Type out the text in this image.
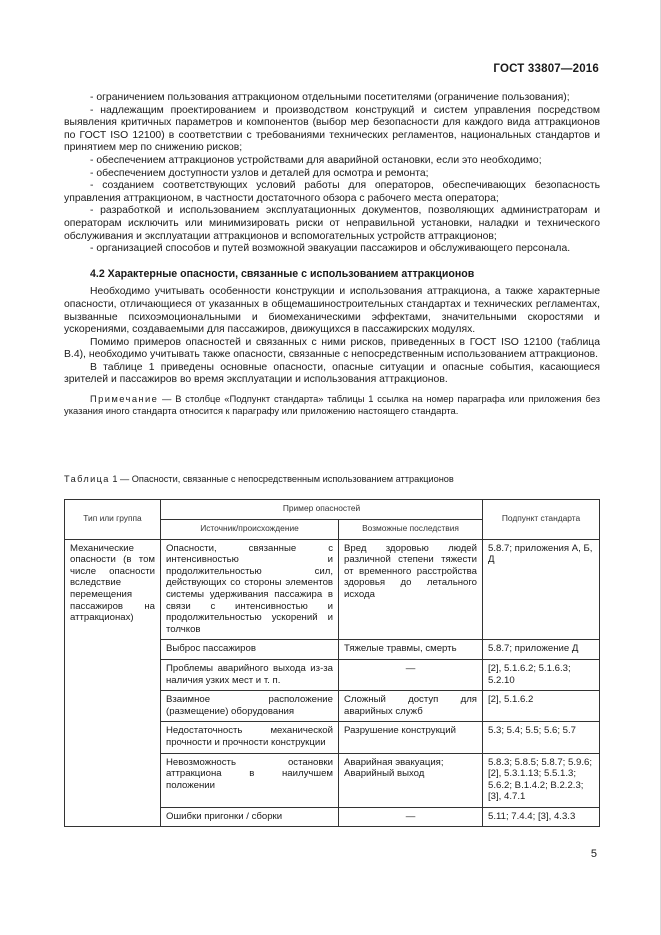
ГОСТ 33807—2016

- ограничением пользования аттракционом отдельными посетителями (ограничение пользования);

- надлежащим проектированием и производством конструкций и систем управления посредством выявления критичных параметров и компонентов (выбор мер безопасности для каждого вида аттракционов по ГОСТ ISO 12100) в соответствии с требованиями технических регламентов, национальных стандартов и принятием мер по снижению рисков;

- обеспечением аттракционов устройствами для аварийной остановки, если это необходимо;

- обеспечением доступности узлов и деталей для осмотра и ремонта;

- созданием соответствующих условий работы для операторов, обеспечивающих безопасность управления аттракционом, в частности достаточного обзора с рабочего места оператора;

- разработкой и использованием эксплуатационных документов, позволяющих администраторам и операторам исключить или минимизировать риски от неправильной установки, наладки и технического обслуживания и эксплуатации аттракционов и вспомогательных устройств аттракционов;

- организацией способов и путей возможной эвакуации пассажиров и обслуживающего персонала.

4.2 Характерные опасности, связанные с использованием аттракционов

Необходимо учитывать особенности конструкции и использования аттракциона, а также характерные опасности, отличающиеся от указанных в общемашиностроительных стандартах и технических регламентах, вызванные психоэмоциональными и биомеханическими эффектами, значительными скоростями и ускорениями, создаваемыми для пассажиров, движущихся в пассажирских модулях.

Помимо примеров опасностей и связанных с ними рисков, приведенных в ГОСТ ISO 12100 (таблица В.4), необходимо учитывать также опасности, связанные с непосредственным использованием аттракционов.

В таблице 1 приведены основные опасности, опасные ситуации и опасные события, касающиеся зрителей и пассажиров во время эксплуатации и использования аттракционов.

Примечание — В столбце «Подпункт стандарта» таблицы 1 ссылка на номер параграфа или приложения без указания иного стандарта относится к параграфу или приложению настоящего стандарта.

Таблица 1 — Опасности, связанные с непосредственным использованием аттракционов
Тип или группа	Пример опасностей		Подпункт стандарта
	Источник/происхождение	Возможные последствия	
Механические опасности (в том числе опасности вследствие перемещения пассажиров на аттракционах)	Опасности, связанные с интенсивностью и продолжительностью сил, действующих со стороны элементов системы удерживания пассажира в связи с интенсивностью и продолжительностью ускорений и толчков	Вред здоровью людей различной степени тяжести от временного расстройства здоровья до летального исхода	5.8.7; приложения А, Б, Д
	Выброс пассажиров	Тяжелые травмы, смерть	5.8.7; приложение Д
	Проблемы аварийного выхода из-за наличия узких мест и т. п.	—	[2], 5.1.6.2; 5.1.6.3; 5.2.10
	Взаимное расположение (размещение) оборудования	Сложный доступ для аварийных служб	[2], 5.1.6.2
	Недостаточность механической прочности и прочности конструкции	Разрушение конструкций	5.3; 5.4; 5.5; 5.6; 5.7
	Невозможность остановки аттракциона в наилучшем положении	Аварийная эвакуация; Аварийный выход	5.8.3; 5.8.5; 5.8.7; 5.9.6; [2], 5.3.1.13; 5.5.1.3; 5.6.2; В.1.4.2; В.2.2.3; [3], 4.7.1
	Ошибки пригонки / сборки	—	5.11; 7.4.4; [3], 4.3.3
5
